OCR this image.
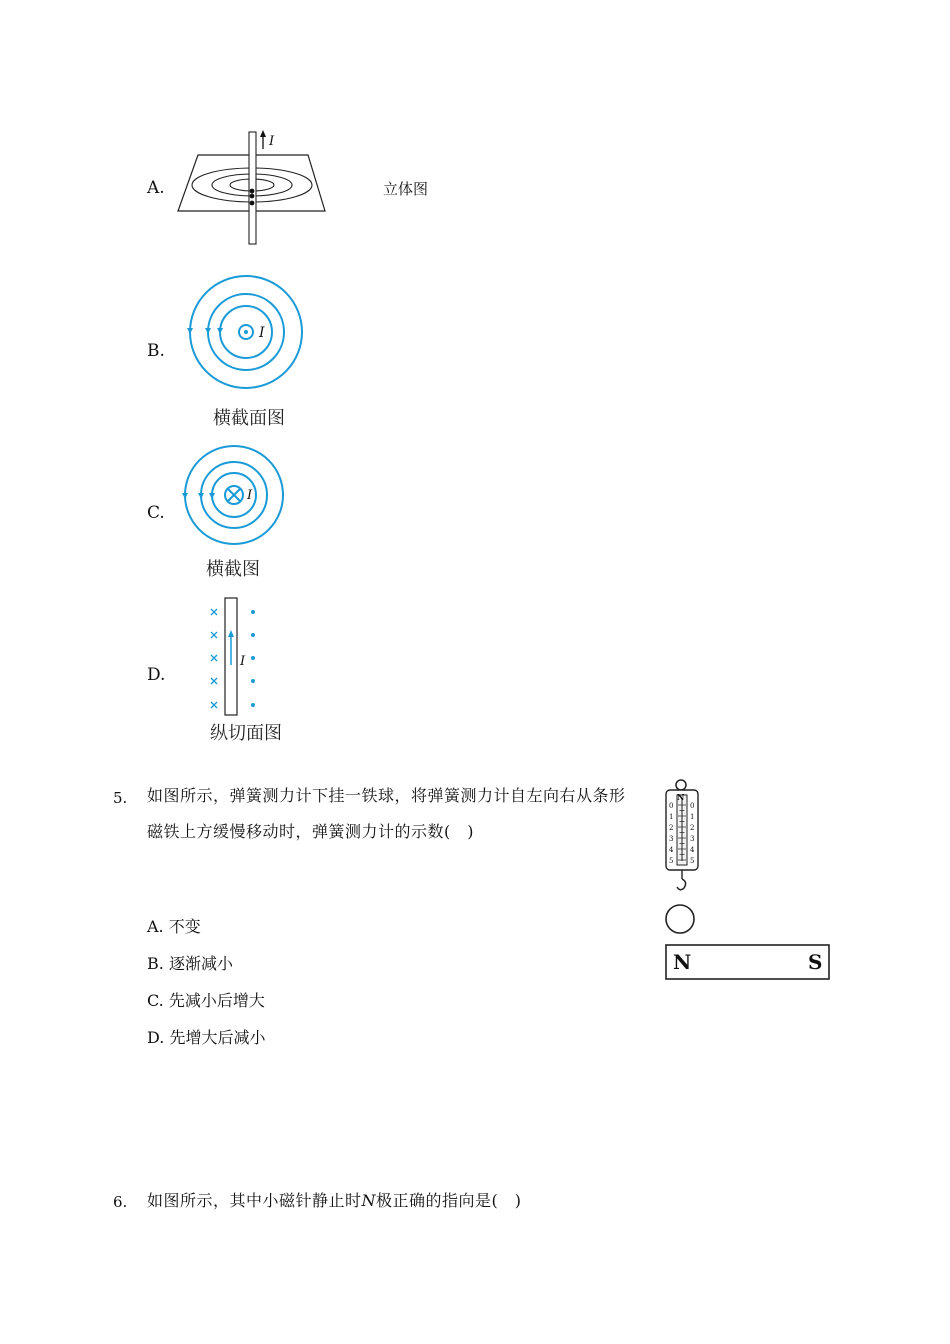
A.
I
立体图
B.
I
横截面图
C.
I
横截图
D.
I
纵切面图
5. 如图所示，弹簧测力计下挂一铁球，将弹簧测力计自左向右从条形
磁铁上方缓慢移动时，弹簧测力计的示数(　)
A. 不变
B. 逐渐减小
C. 先减小后增大
D. 先增大后减小
N
0
1
2
3
4
5
0
1
2
3
4
5
N	S
6. 如图所示，其中小磁针静止时N极正确的指向是(　)
